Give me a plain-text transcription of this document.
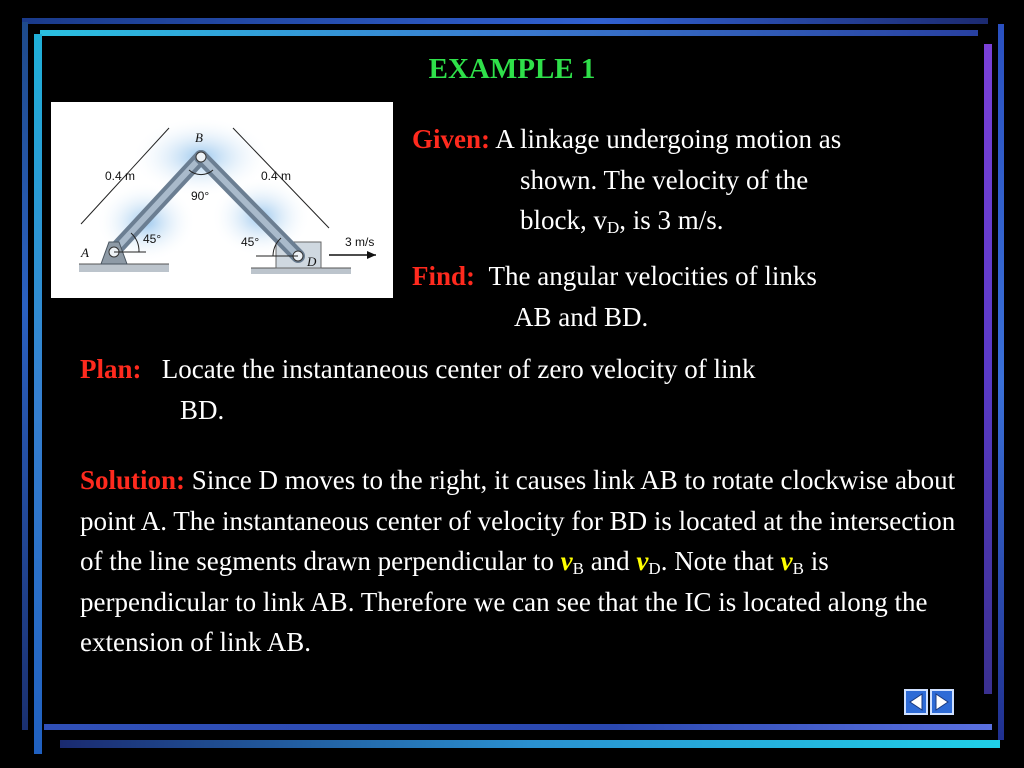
EXAMPLE 1
B
A
D
0.4 m	0.4 m
90°
45°	45°	3 m/s
Given: A linkage undergoing motion as
shown. The velocity of the
block, $v_D$, is 3 m/s.
Find: The angular velocities of links
AB and BD.
Plan: Locate the instantaneous center of zero velocity of link
BD.
Solution: Since D moves to the right, it causes link AB to rotate clockwise about point A. The instantaneous center of velocity for BD is located at the intersection of the line segments drawn perpendicular to $v_B$ and $v_D$. Note that $v_B$ is perpendicular to link AB. Therefore we can see that the IC is located along the extension of link AB.
